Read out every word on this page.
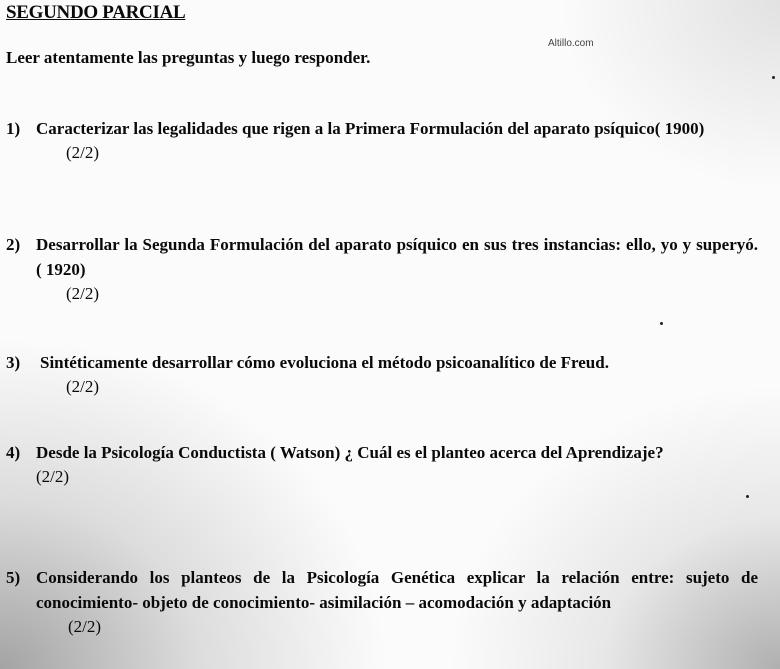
SEGUNDO PARCIAL
Altillo.com
Leer atentamente las preguntas y luego responder.
1) Caracterizar las legalidades que rigen a la Primera Formulación del aparato psíquico( 1900)
(2/2)
2) Desarrollar la Segunda Formulación del aparato psíquico en sus tres instancias: ello, yo y superyó. ( 1920)
(2/2)
3)	Sintéticamente desarrollar cómo evoluciona el método psicoanalítico de Freud.
(2/2)
4) Desde la Psicología Conductista ( Watson) ¿ Cuál es el planteo acerca del Aprendizaje?
(2/2)
5) Considerando los planteos de la Psicología Genética explicar la relación entre: sujeto de conocimiento- objeto de conocimiento- asimilación – acomodación y adaptación
(2/2)
